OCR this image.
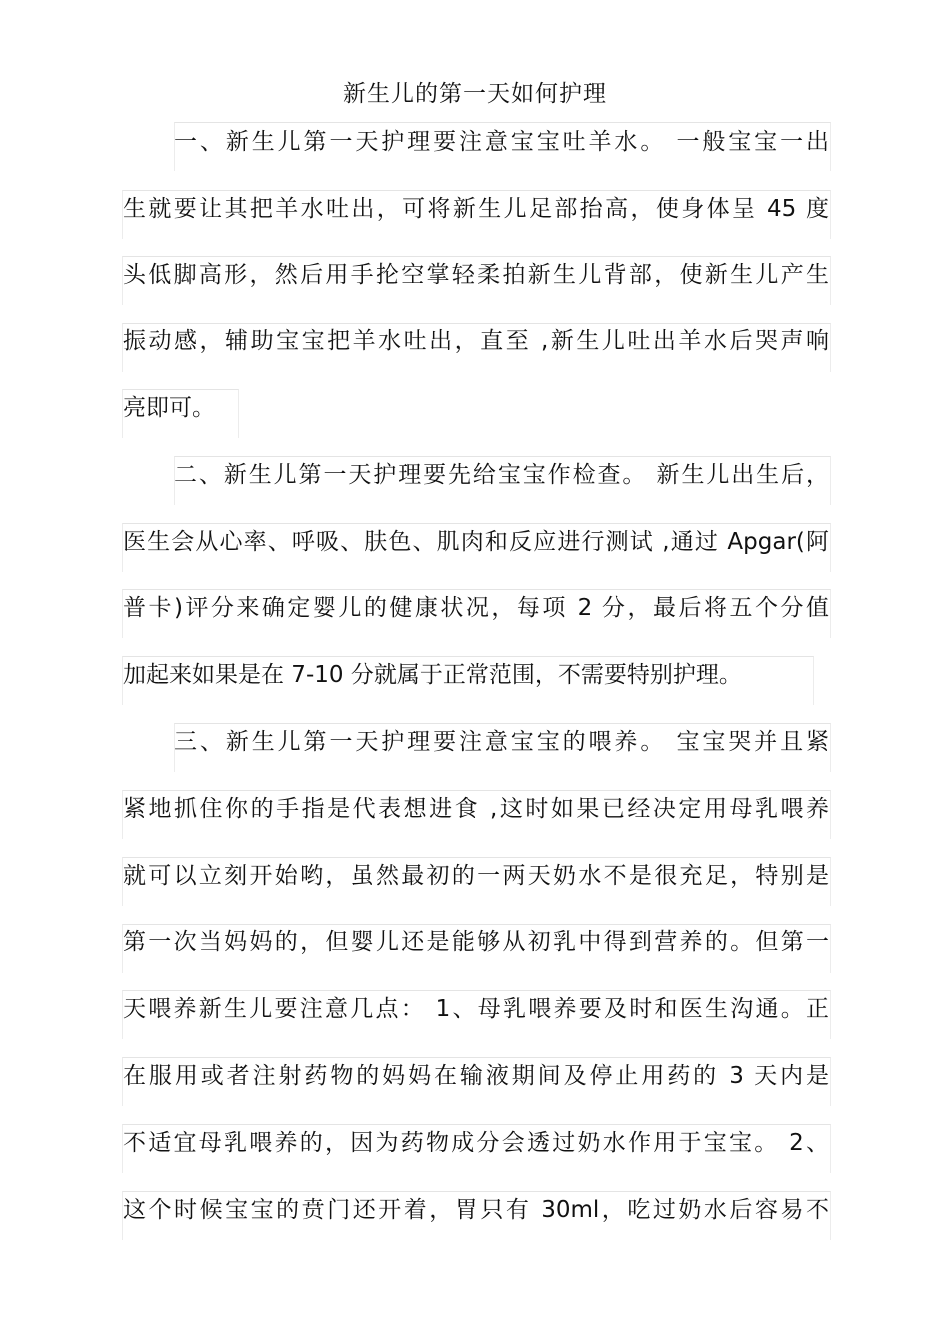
新生儿的第一天如何护理
一、新生儿第一天护理要注意宝宝吐羊水。 一般宝宝一出
生就要让其把羊水吐出，可将新生儿足部抬高，使身体呈 45 度
头低脚高形，然后用手抡空掌轻柔拍新生儿背部，使新生儿产生
振动感，辅助宝宝把羊水吐出，直至 ,新生儿吐出羊水后哭声响
亮即可。
二、新生儿第一天护理要先给宝宝作检查。 新生儿出生后，
医生会从心率、呼吸、肤色、肌肉和反应进行测试 ,通过 Apgar(阿
普卡)评分来确定婴儿的健康状况，每项 2 分，最后将五个分值
加起来如果是在 7-10 分就属于正常范围，不需要特别护理。
三、新生儿第一天护理要注意宝宝的喂养。 宝宝哭并且紧
紧地抓住你的手指是代表想进食 ,这时如果已经决定用母乳喂养
就可以立刻开始哟，虽然最初的一两天奶水不是很充足，特别是
第一次当妈妈的，但婴儿还是能够从初乳中得到营养的。但第一
天喂养新生儿要注意几点： 1、母乳喂养要及时和医生沟通。正
在服用或者注射药物的妈妈在输液期间及停止用药的 3 天内是
不适宜母乳喂养的，因为药物成分会透过奶水作用于宝宝。 2、
这个时候宝宝的贲门还开着，胃只有 30ml，吃过奶水后容易不
